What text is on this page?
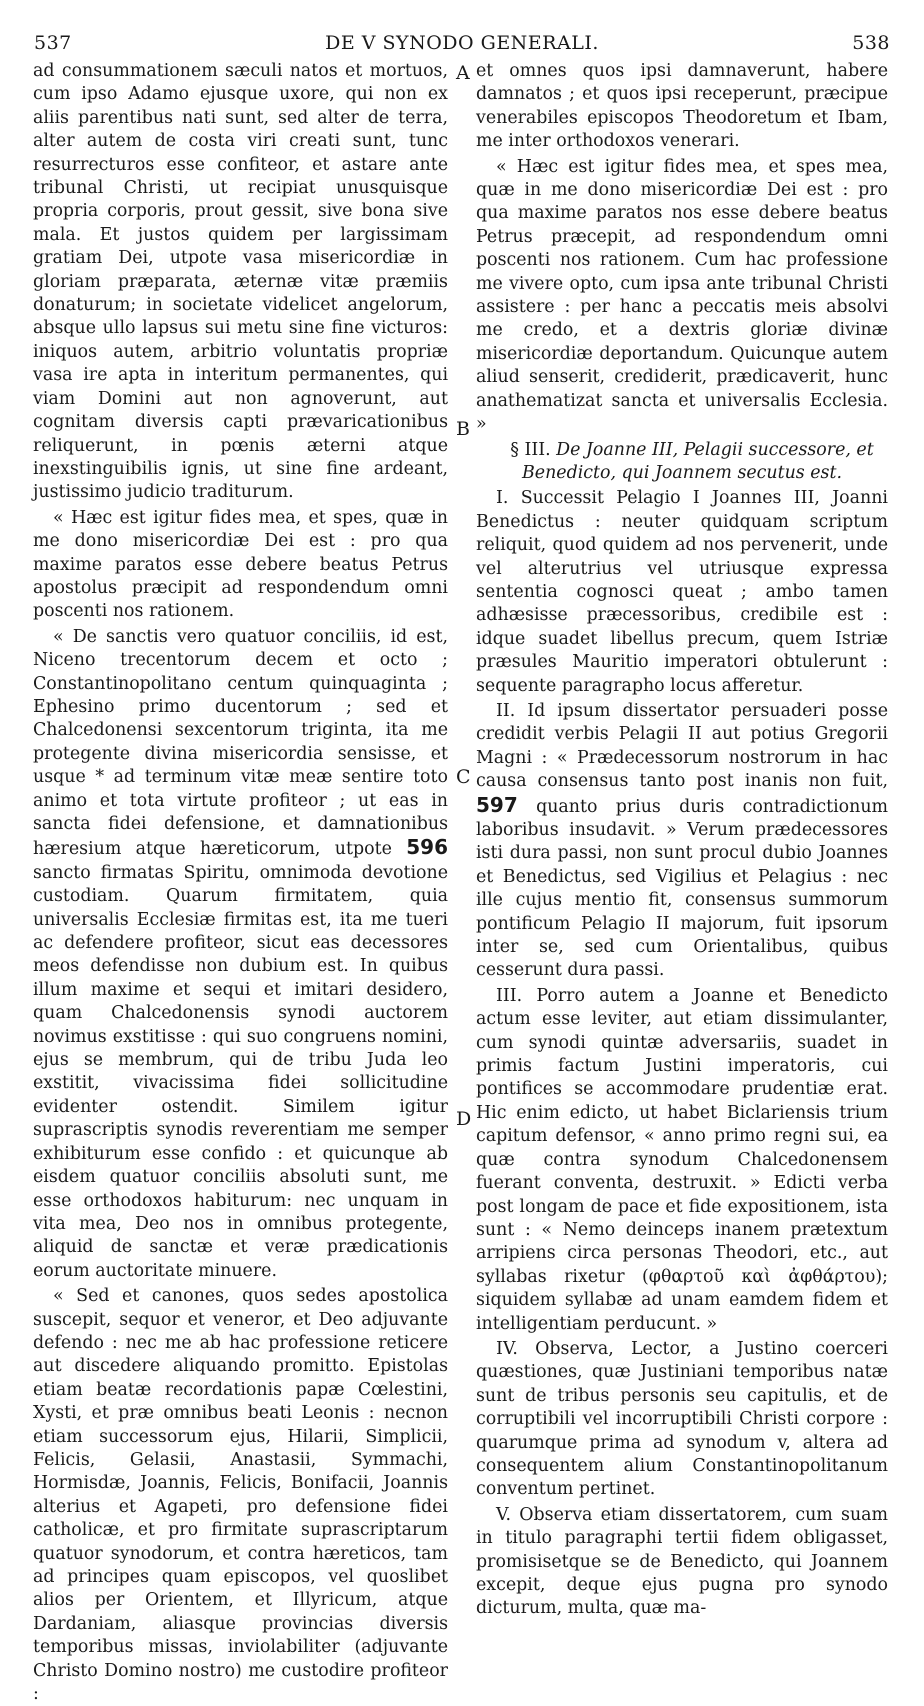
537	DE V SYNODO GENERALI.	538
A
B
C
D

ad consummationem sæculi natos et mortuos, cum ipso Adamo ejusque uxore, qui non ex aliis parentibus nati sunt, sed alter de terra, alter autem de costa viri creati sunt, tunc resurrecturos esse confiteor, et astare ante tribunal Christi, ut recipiat unusquisque propria corporis, prout gessit, sive bona sive mala. Et justos quidem per largissimam gratiam Dei, utpote vasa misericordiæ in gloriam præparata, æternæ vitæ præmiis donaturum; in societate videlicet angelorum, absque ullo lapsus sui metu sine fine victuros: iniquos autem, arbitrio voluntatis propriæ vasa ire apta in interitum permanentes, qui viam Domini aut non agnoverunt, aut cognitam diversis capti prævaricationibus reliquerunt, in pœnis æterni atque inexstinguibilis ignis, ut sine fine ardeant, justissimo judicio traditurum.

« Hæc est igitur fides mea, et spes, quæ in me dono misericordiæ Dei est : pro qua maxime paratos esse debere beatus Petrus apostolus præcipit ad respondendum omni poscenti nos rationem.

« De sanctis vero quatuor conciliis, id est, Niceno trecentorum decem et octo ; Constantinopolitano centum quinquaginta ; Ephesino primo ducentorum ; sed et Chalcedonensi sexcentorum triginta, ita me protegente divina misericordia sensisse, et usque * ad terminum vitæ meæ sentire toto animo et tota virtute profiteor ; ut eas in sancta fidei defensione, et damnationibus hæresium atque hæreticorum, utpote 596 sancto firmatas Spiritu, omnimoda devotione custodiam. Quarum firmitatem, quia universalis Ecclesiæ firmitas est, ita me tueri ac defendere profiteor, sicut eas decessores meos defendisse non dubium est. In quibus illum maxime et sequi et imitari desidero, quam Chalcedonensis synodi auctorem novimus exstitisse : qui suo congruens nomini, ejus se membrum, qui de tribu Juda leo exstitit, vivacissima fidei sollicitudine evidenter ostendit. Similem igitur suprascriptis synodis reverentiam me semper exhibiturum esse confido : et quicunque ab eisdem quatuor conciliis absoluti sunt, me esse orthodoxos habiturum: nec unquam in vita mea, Deo nos in omnibus protegente, aliquid de sanctæ et veræ prædicationis eorum auctoritate minuere.

« Sed et canones, quos sedes apostolica suscepit, sequor et veneror, et Deo adjuvante defendo : nec me ab hac professione reticere aut discedere aliquando promitto. Epistolas etiam beatæ recordationis papæ Cœlestini, Xysti, et præ omnibus beati Leonis : necnon etiam successorum ejus, Hilarii, Simplicii, Felicis, Gelasii, Anastasii, Symmachi, Hormisdæ, Joannis, Felicis, Bonifacii, Joannis alterius et Agapeti, pro defensione fidei catholicæ, et pro firmitate suprascriptarum quatuor synodorum, et contra hæreticos, tam ad principes quam episcopos, vel quoslibet alios per Orientem, et Illyricum, atque Dardaniam, aliasque provincias diversis temporibus missas, inviolabiliter (adjuvante Christo Domino nostro) me custodire profiteor :

et omnes quos ipsi damnaverunt, habere damnatos ; et quos ipsi receperunt, præcipue venerabiles episcopos Theodoretum et Ibam, me inter orthodoxos venerari.

« Hæc est igitur fides mea, et spes mea, quæ in me dono misericordiæ Dei est : pro qua maxime paratos nos esse debere beatus Petrus præcepit, ad respondendum omni poscenti nos rationem. Cum hac professione me vivere opto, cum ipsa ante tribunal Christi assistere : per hanc a peccatis meis absolvi me credo, et a dextris gloriæ divinæ misericordiæ deportandum. Quicunque autem aliud senserit, crediderit, prædicaverit, hunc anathematizat sancta et universalis Ecclesia. »

§ III. De Joanne III, Pelagii successore, et Benedicto, qui Joannem secutus est.

I. Successit Pelagio I Joannes III, Joanni Benedictus : neuter quidquam scriptum reliquit, quod quidem ad nos pervenerit, unde vel alterutrius vel utriusque expressa sententia cognosci queat ; ambo tamen adhæsisse præcessoribus, credibile est : idque suadet libellus precum, quem Istriæ præsules Mauritio imperatori obtulerunt : sequente paragrapho locus afferetur.

II. Id ipsum dissertator persuaderi posse credidit verbis Pelagii II aut potius Gregorii Magni : « Prædecessorum nostrorum in hac causa consensus tanto post inanis non fuit, 597 quanto prius duris contradictionum laboribus insudavit. » Verum prædecessores isti dura passi, non sunt procul dubio Joannes et Benedictus, sed Vigilius et Pelagius : nec ille cujus mentio fit, consensus summorum pontificum Pelagio II majorum, fuit ipsorum inter se, sed cum Orientalibus, quibus cesserunt dura passi.

III. Porro autem a Joanne et Benedicto actum esse leviter, aut etiam dissimulanter, cum synodi quintæ adversariis, suadet in primis factum Justini imperatoris, cui pontifices se accommodare prudentiæ erat. Hic enim edicto, ut habet Biclariensis trium capitum defensor, « anno primo regni sui, ea quæ contra synodum Chalcedonensem fuerant conventa, destruxit. » Edicti verba post longam de pace et fide expositionem, ista sunt : « Nemo deinceps inanem prætextum arripiens circa personas Theodori, etc., aut syllabas rixetur (φθαρτοῦ καὶ ἀφθάρτου); siquidem syllabæ ad unam eamdem fidem et intelligentiam perducunt. »

IV. Observa, Lector, a Justino coerceri quæstiones, quæ Justiniani temporibus natæ sunt de tribus personis seu capitulis, et de corruptibili vel incorruptibili Christi corpore : quarumque prima ad synodum v, altera ad consequentem alium Constantinopolitanum conventum pertinet.

V. Observa etiam dissertatorem, cum suam in titulo paragraphi tertii fidem obligasset, promisisetque se de Benedicto, qui Joannem excepit, deque ejus pugna pro synodo dicturum, multa, quæ ma-
